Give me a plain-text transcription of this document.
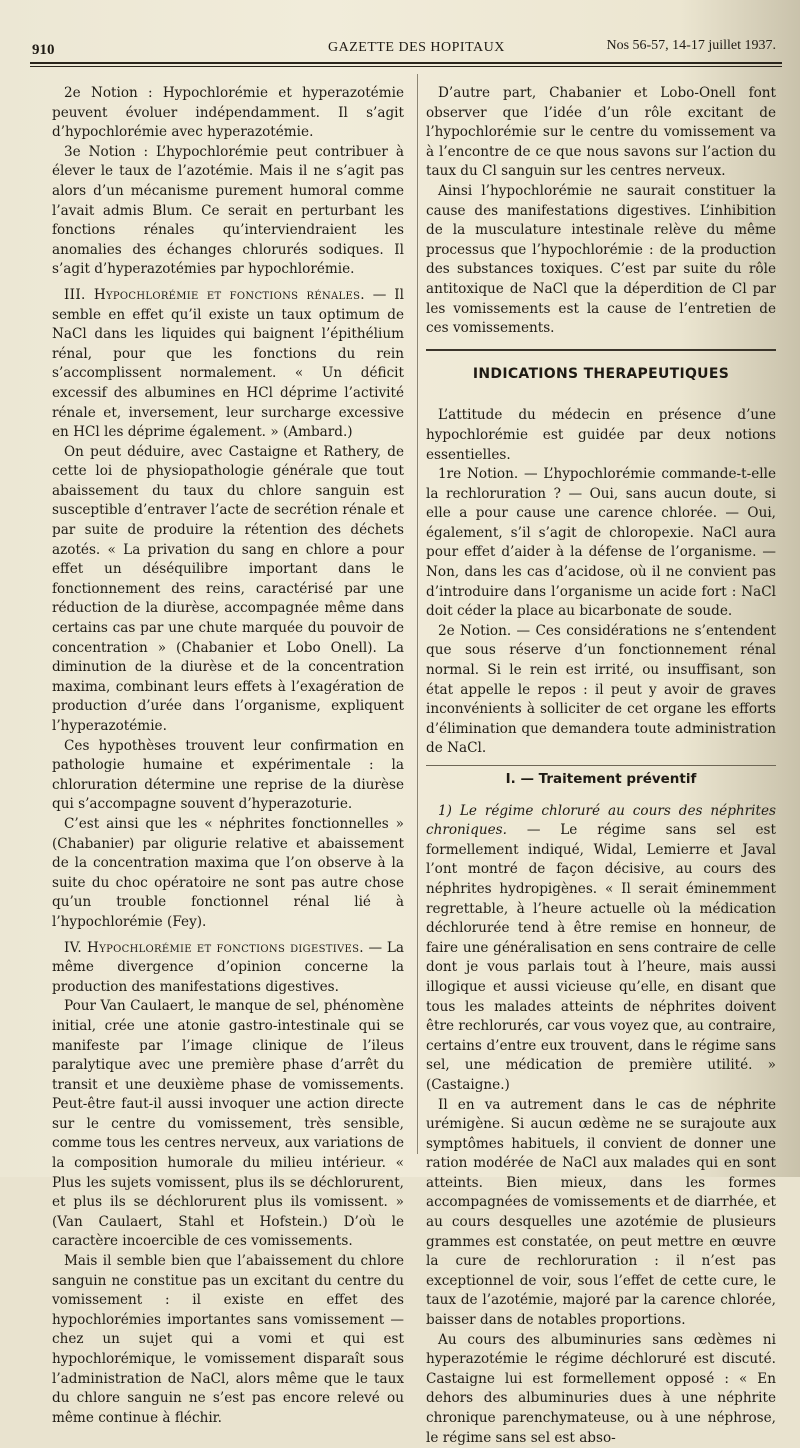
910	GAZETTE DES HOPITAUX	Nos 56-57, 14-17 juillet 1937.

2e Notion : Hypochlorémie et hyperazotémie peuvent évoluer indépendamment. Il s’agit d’hypochlorémie avec hyperazotémie.

3e Notion : L’hypochlorémie peut contribuer à élever le taux de l’azotémie. Mais il ne s’agit pas alors d’un mécanisme purement humoral comme l’avait admis Blum. Ce serait en perturbant les fonctions rénales qu’interviendraient les anomalies des échanges chlorurés sodiques. Il s’agit d’hyperazotémies par hypochlorémie.

III. Hypochlorémie et fonctions rénales. — Il semble en effet qu’il existe un taux optimum de NaCl dans les liquides qui baignent l’épithélium rénal, pour que les fonctions du rein s’accomplissent normalement. « Un déficit excessif des albumines en HCl déprime l’activité rénale et, inversement, leur surcharge excessive en HCl les déprime également. » (Ambard.)

On peut déduire, avec Castaigne et Rathery, de cette loi de physiopathologie générale que tout abaissement du taux du chlore sanguin est susceptible d’entraver l’acte de secrétion rénale et par suite de produire la rétention des déchets azotés. « La privation du sang en chlore a pour effet un déséquilibre important dans le fonctionnement des reins, caractérisé par une réduction de la diurèse, accompagnée même dans certains cas par une chute marquée du pouvoir de concentration » (Chabanier et Lobo Onell). La diminution de la diurèse et de la concentration maxima, combinant leurs effets à l’exagération de production d’urée dans l’organisme, expliquent l’hyperazotémie.

Ces hypothèses trouvent leur confirmation en pathologie humaine et expérimentale : la chloruration détermine une reprise de la diurèse qui s’accompagne souvent d’hyperazoturie.

C’est ainsi que les « néphrites fonctionnelles » (Chabanier) par oligurie relative et abaissement de la concentration maxima que l’on observe à la suite du choc opératoire ne sont pas autre chose qu’un trouble fonctionnel rénal lié à l’hypochlorémie (Fey).

IV. Hypochlorémie et fonctions digestives. — La même divergence d’opinion concerne la production des manifestations digestives.

Pour Van Caulaert, le manque de sel, phénomène initial, crée une atonie gastro-intestinale qui se manifeste par l’image clinique de l’ileus paralytique avec une première phase d’arrêt du transit et une deuxième phase de vomissements. Peut-être faut-il aussi invoquer une action directe sur le centre du vomissement, très sensible, comme tous les centres nerveux, aux variations de la composition humorale du milieu intérieur. « Plus les sujets vomissent, plus ils se déchlorurent, et plus ils se déchlorurent plus ils vomissent. » (Van Caulaert, Stahl et Hofstein.) D’où le caractère incoercible de ces vomissements.

Mais il semble bien que l’abaissement du chlore sanguin ne constitue pas un excitant du centre du vomissement : il existe en effet des hypochlorémies importantes sans vomissement — chez un sujet qui a vomi et qui est hypochlorémique, le vomissement disparaît sous l’administration de NaCl, alors même que le taux du chlore sanguin ne s’est pas encore relevé ou même continue à fléchir.

D’autre part, Chabanier et Lobo-Onell font observer que l’idée d’un rôle excitant de l’hypochlorémie sur le centre du vomissement va à l’encontre de ce que nous savons sur l’action du taux du Cl sanguin sur les centres nerveux.

Ainsi l’hypochlorémie ne saurait constituer la cause des manifestations digestives. L’inhibition de la musculature intestinale relève du même processus que l’hypochlorémie : de la production des substances toxiques. C’est par suite du rôle antitoxique de NaCl que la déperdition de Cl par les vomissements est la cause de l’entretien de ces vomissements.

INDICATIONS THERAPEUTIQUES

L’attitude du médecin en présence d’une hypochlorémie est guidée par deux notions essentielles.

1re Notion. — L’hypochlorémie commande-t-elle la rechloruration ? — Oui, sans aucun doute, si elle a pour cause une carence chlorée. — Oui, également, s’il s’agit de chloropexie. NaCl aura pour effet d’aider à la défense de l’organisme. — Non, dans les cas d’acidose, où il ne convient pas d’introduire dans l’organisme un acide fort : NaCl doit céder la place au bicarbonate de soude.

2e Notion. — Ces considérations ne s’entendent que sous réserve d’un fonctionnement rénal normal. Si le rein est irrité, ou insuffisant, son état appelle le repos : il peut y avoir de graves inconvénients à solliciter de cet organe les efforts d’élimination que demandera toute administration de NaCl.

I. — Traitement préventif

1) Le régime chloruré au cours des néphrites chroniques. — Le régime sans sel est formellement indiqué, Widal, Lemierre et Javal l’ont montré de façon décisive, au cours des néphrites hydropigènes. « Il serait éminemment regrettable, à l’heure actuelle où la médication déchlorurée tend à être remise en honneur, de faire une généralisation en sens contraire de celle dont je vous parlais tout à l’heure, mais aussi illogique et aussi vicieuse qu’elle, en disant que tous les malades atteints de néphrites doivent être rechlorurés, car vous voyez que, au contraire, certains d’entre eux trouvent, dans le régime sans sel, une médication de première utilité. » (Castaigne.)

Il en va autrement dans le cas de néphrite urémigène. Si aucun œdème ne se surajoute aux symptômes habituels, il convient de donner une ration modérée de NaCl aux malades qui en sont atteints. Bien mieux, dans les formes accompagnées de vomissements et de diarrhée, et au cours desquelles une azotémie de plusieurs grammes est constatée, on peut mettre en œuvre la cure de rechloruration : il n’est pas exceptionnel de voir, sous l’effet de cette cure, le taux de l’azotémie, majoré par la carence chlorée, baisser dans de notables proportions.

Au cours des albuminuries sans œdèmes ni hyperazotémie le régime déchloruré est discuté. Castaigne lui est formellement opposé : « En dehors des albuminuries dues à une néphrite chronique parenchymateuse, ou à une néphrose, le régime sans sel est abso-
